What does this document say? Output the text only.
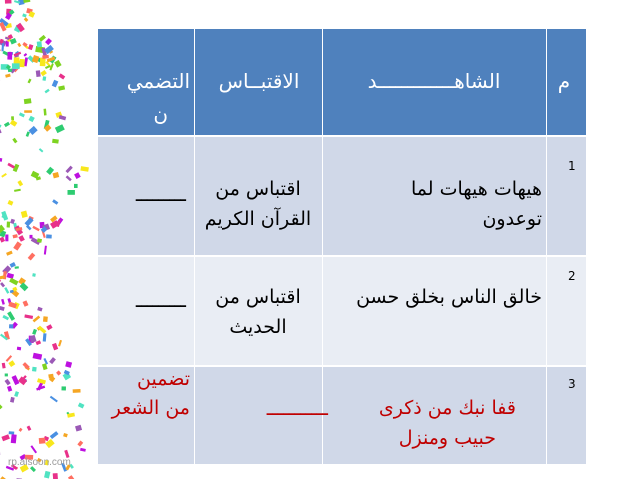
rp.alsoon.com
م
الشاهـــــــــــــد
الاقتبــاس
التضمي
ن
1
هيهات هيهات لما
توعدون
اقتباس من
القرآن الكريم
ـــــــــ
2
خالق الناس بخلق حسن
اقتباس من
الحديث
ـــــــــ
3
قفا نبك من ذكرى
حبيب ومنزل
ـــــــــــ
تضمين
من الشعر
